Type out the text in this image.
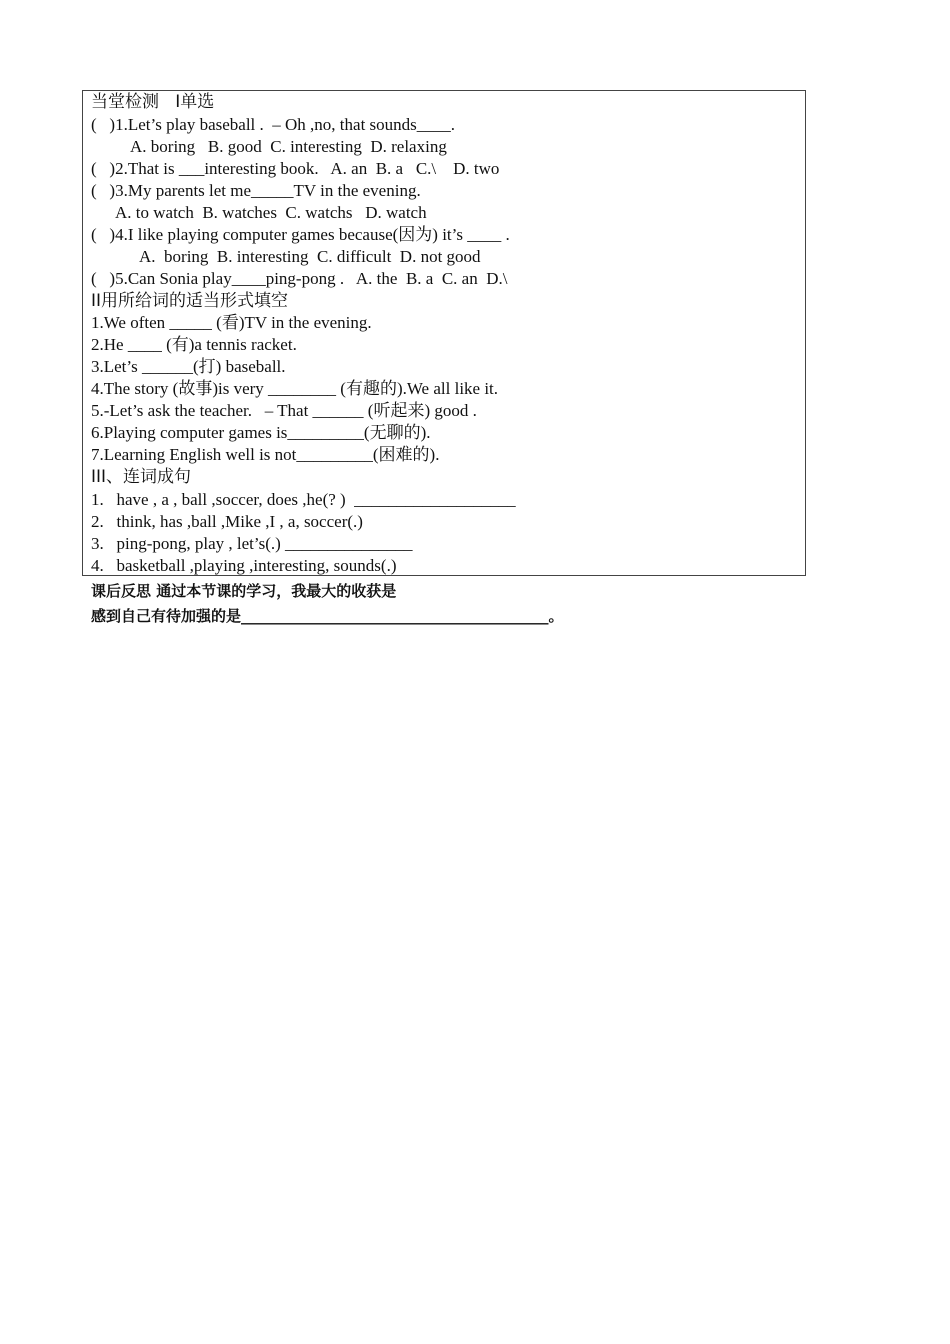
当堂检测   I单选
(   )1.Let’s play baseball .  – Oh ,no, that sounds____.
A. boring   B. good  C. interesting  D. relaxing
(   )2.That is ___interesting book.   A. an  B. a   C.\    D. two
(   )3.My parents let me_____TV in the evening.
A. to watch  B. watches  C. watchs   D. watch
(   )4.I like playing computer games because(因为) it’s ____ .
A.  boring  B. interesting  C. difficult  D. not good
(   )5.Can Sonia play____ping-pong .   A. the  B. a  C. an  D.\
II用所给词的适当形式填空
1.We often _____ (看)TV in the evening.
2.He ____ (有)a tennis racket.
3.Let’s ______(打) baseball.
4.The story (故事)is very ________ (有趣的).We all like it.
5.-Let’s ask the teacher.   – That ______ (听起来) good .
6.Playing computer games is_________(无聊的).
7.Learning English well is not_________(困难的).
III、连词成句
1.   have , a , ball ,soccer, does ,he(? )  ___________________
2.   think, has ,ball ,Mike ,I , a, soccer(.)
3.   ping-pong, play , let’s(.) _______________
4.   basketball ,playing ,interesting, sounds(.)
课后反思 通过本节课的学习，我最大的收获是
感到自己有待加强的是_________________________________________。
